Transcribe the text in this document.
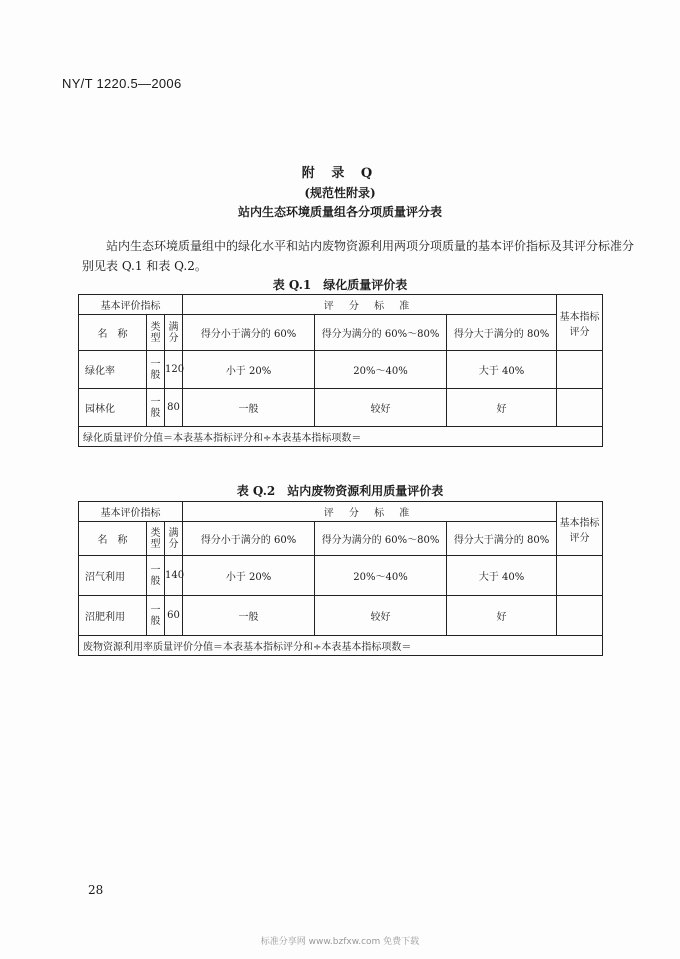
NY/T 1220.5—2006
附 录 Q
(规范性附录)
站内生态环境质量组各分项质量评分表
站内生态环境质量组中的绿化水平和站内废物资源利用两项分项质量的基本评价指标及其评分标准分别见表 Q.1 和表 Q.2。
表 Q.1　绿化质量评价表
基本评价指标			评 分 标 准			基本指标评分
名　称	类型	满分	得分小于满分的 60%	得分为满分的 60%～80%	得分大于满分的 80%	
绿化率	一般	120	小于 20%	20%～40%	大于 40%	
园林化	一般	80	一般	较好	好	
绿化质量评价分值＝本表基本指标评分和÷本表基本指标项数＝						
表 Q.2　站内废物资源利用质量评价表
基本评价指标			评 分 标 准			基本指标评分
名　称	类型	满分	得分小于满分的 60%	得分为满分的 60%～80%	得分大于满分的 80%	
沼气利用	一般	140	小于 20%	20%～40%	大于 40%	
沼肥利用	一般	60	一般	较好	好	
废物资源利用率质量评价分值＝本表基本指标评分和÷本表基本指标项数＝						
28
标准分享网 www.bzfxw.com 免费下载
